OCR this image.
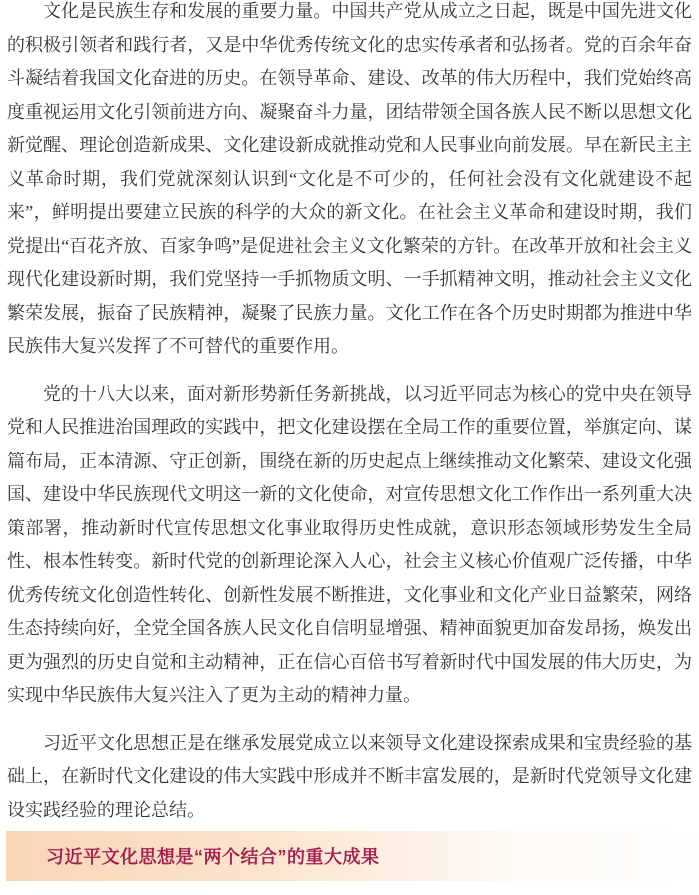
文化是民族生存和发展的重要力量。中国共产党从成立之日起，既是中国先进文化的积极引领者和践行者，又是中华优秀传统文化的忠实传承者和弘扬者。党的百余年奋斗凝结着我国文化奋进的历史。在领导革命、建设、改革的伟大历程中，我们党始终高度重视运用文化引领前进方向、凝聚奋斗力量，团结带领全国各族人民不断以思想文化新觉醒、理论创造新成果、文化建设新成就推动党和人民事业向前发展。早在新民主主义革命时期，我们党就深刻认识到“文化是不可少的，任何社会没有文化就建设不起来”，鲜明提出要建立民族的科学的大众的新文化。在社会主义革命和建设时期，我们党提出“百花齐放、百家争鸣”是促进社会主义文化繁荣的方针。在改革开放和社会主义现代化建设新时期，我们党坚持一手抓物质文明、一手抓精神文明，推动社会主义文化繁荣发展，振奋了民族精神，凝聚了民族力量。文化工作在各个历史时期都为推进中华民族伟大复兴发挥了不可替代的重要作用。

党的十八大以来，面对新形势新任务新挑战，以习近平同志为核心的党中央在领导党和人民推进治国理政的实践中，把文化建设摆在全局工作的重要位置，举旗定向、谋篇布局，正本清源、守正创新，围绕在新的历史起点上继续推动文化繁荣、建设文化强国、建设中华民族现代文明这一新的文化使命，对宣传思想文化工作作出一系列重大决策部署，推动新时代宣传思想文化事业取得历史性成就，意识形态领域形势发生全局性、根本性转变。新时代党的创新理论深入人心，社会主义核心价值观广泛传播，中华优秀传统文化创造性转化、创新性发展不断推进，文化事业和文化产业日益繁荣，网络生态持续向好，全党全国各族人民文化自信明显增强、精神面貌更加奋发昂扬，焕发出更为强烈的历史自觉和主动精神，正在信心百倍书写着新时代中国发展的伟大历史，为实现中华民族伟大复兴注入了更为主动的精神力量。

习近平文化思想正是在继承发展党成立以来领导文化建设探索成果和宝贵经验的基础上，在新时代文化建设的伟大实践中形成并不断丰富发展的，是新时代党领导文化建设实践经验的理论总结。

习近平文化思想是“两个结合”的重大成果
